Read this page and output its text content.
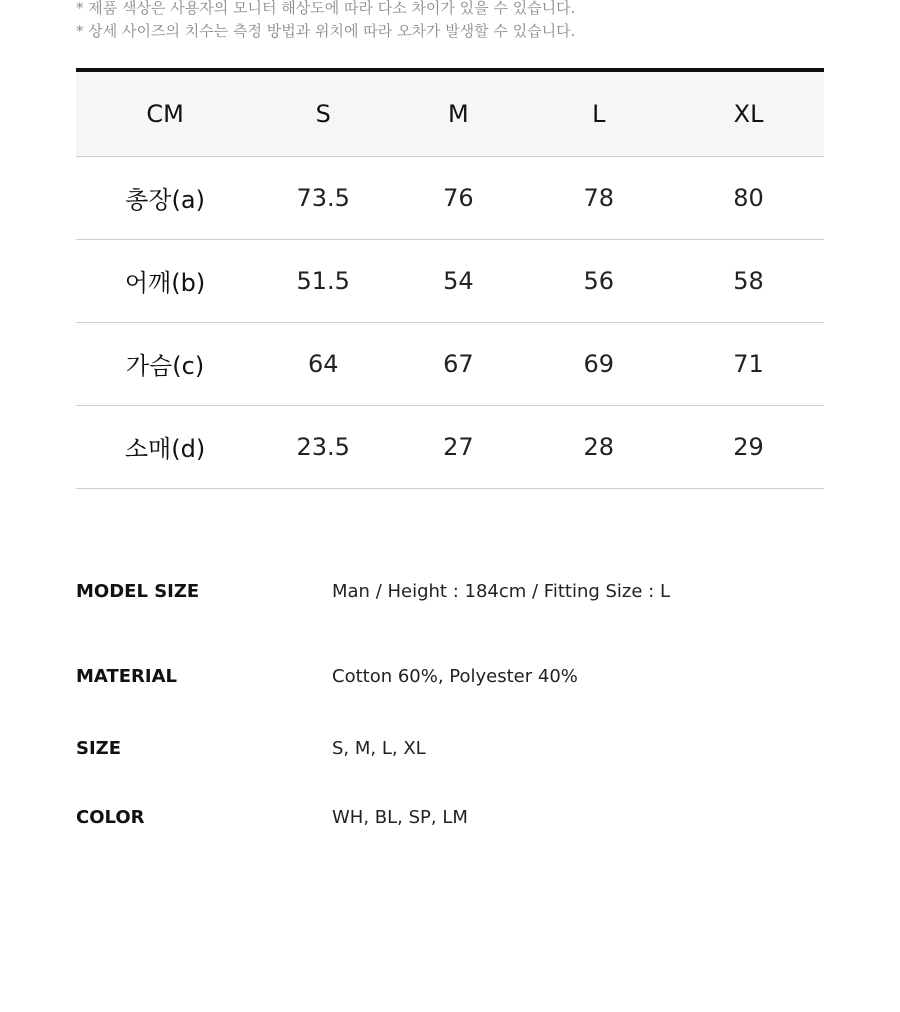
* 제품 색상은 사용자의 모니터 해상도에 따라 다소 차이가 있을 수 있습니다.
* 상세 사이즈의 치수는 측정 방법과 위치에 따라 오차가 발생할 수 있습니다.
CM	S	M	L	XL
총장(a)	73.5	76	78	80
어깨(b)	51.5	54	56	58
가슴(c)	64	67	69	71
소매(d)	23.5	27	28	29
MODEL SIZE	Man / Height : 184cm / Fitting Size : L
MATERIAL	Cotton 60%, Polyester 40%
SIZE	S, M, L, XL
COLOR	WH, BL, SP, LM
